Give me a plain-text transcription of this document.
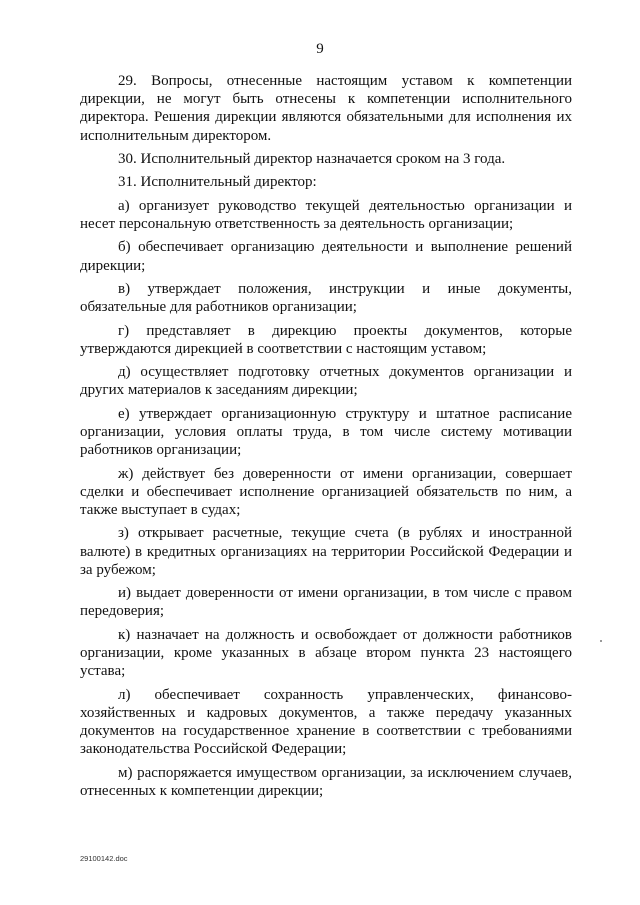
9

29. Вопросы, отнесенные настоящим уставом к компетенции дирекции, не могут быть отнесены к компетенции исполнительного директора. Решения дирекции являются обязательными для исполнения их исполнительным директором.

30. Исполнительный директор назначается сроком на 3 года.

31. Исполнительный директор:

а) организует руководство текущей деятельностью организации и несет персональную ответственность за деятельность организации;

б) обеспечивает организацию деятельности и выполнение решений дирекции;

в) утверждает положения, инструкции и иные документы, обязательные для работников организации;

г) представляет в дирекцию проекты документов, которые утверждаются дирекцией в соответствии с настоящим уставом;

д) осуществляет подготовку отчетных документов организации и других материалов к заседаниям дирекции;

е) утверждает организационную структуру и штатное расписание организации, условия оплаты труда, в том числе систему мотивации работников организации;

ж) действует без доверенности от имени организации, совершает сделки и обеспечивает исполнение организацией обязательств по ним, а также выступает в судах;

з) открывает расчетные, текущие счета (в рублях и иностранной валюте) в кредитных организациях на территории Российской Федерации и за рубежом;

и) выдает доверенности от имени организации, в том числе с правом передоверия;

к) назначает на должность и освобождает от должности работников организации, кроме указанных в абзаце втором пункта 23 настоящего устава;

л) обеспечивает сохранность управленческих, финансово-хозяйственных и кадровых документов, а также передачу указанных документов на государственное хранение в соответствии с требованиями законодательства Российской Федерации;

м) распоряжается имуществом организации, за исключением случаев, отнесенных к компетенции дирекции;

29100142.doc
